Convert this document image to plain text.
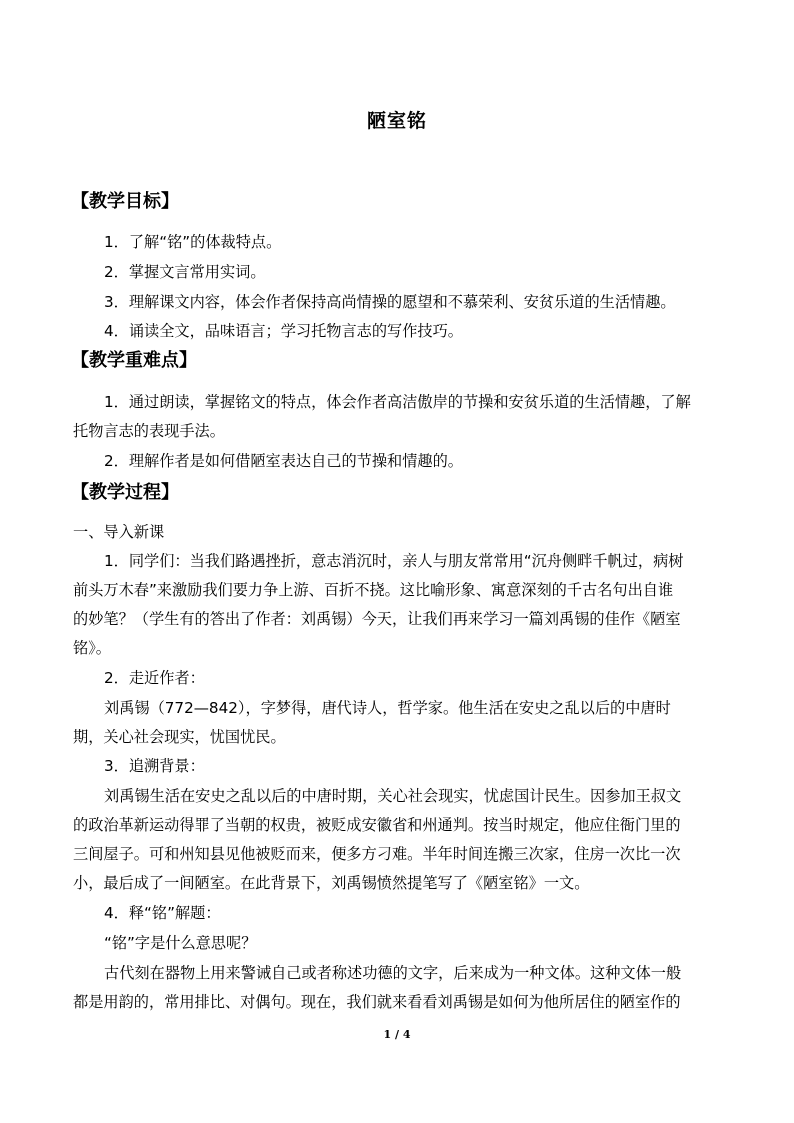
陋室铭
【教学目标】
1．了解“铭”的体裁特点。
2．掌握文言常用实词。
3．理解课文内容，体会作者保持高尚情操的愿望和不慕荣利、安贫乐道的生活情趣。
4．诵读全文，品味语言；学习托物言志的写作技巧。
【教学重难点】
1．通过朗读，掌握铭文的特点，体会作者高洁傲岸的节操和安贫乐道的生活情趣，了解
托物言志的表现手法。
2．理解作者是如何借陋室表达自己的节操和情趣的。
【教学过程】
一、导入新课
1．同学们：当我们路遇挫折，意志消沉时，亲人与朋友常常用“沉舟侧畔千帆过，病树
前头万木春”来激励我们要力争上游、百折不挠。这比喻形象、寓意深刻的千古名句出自谁
的妙笔？（学生有的答出了作者：刘禹锡）今天，让我们再来学习一篇刘禹锡的佳作《陋室
铭》。
2．走近作者：
刘禹锡（772—842），字梦得，唐代诗人，哲学家。他生活在安史之乱以后的中唐时
期，关心社会现实，忧国忧民。
3．追溯背景：
刘禹锡生活在安史之乱以后的中唐时期，关心社会现实，忧虑国计民生。因参加王叔文
的政治革新运动得罪了当朝的权贵，被贬成安徽省和州通判。按当时规定，他应住衙门里的
三间屋子。可和州知县见他被贬而来，便多方刁难。半年时间连搬三次家，住房一次比一次
小，最后成了一间陋室。在此背景下，刘禹锡愤然提笔写了《陋室铭》一文。
4．释“铭”解题：
“铭”字是什么意思呢？
古代刻在器物上用来警诫自己或者称述功德的文字，后来成为一种文体。这种文体一般
都是用韵的，常用排比、对偶句。现在，我们就来看看刘禹锡是如何为他所居住的陋室作的
1 / 4
